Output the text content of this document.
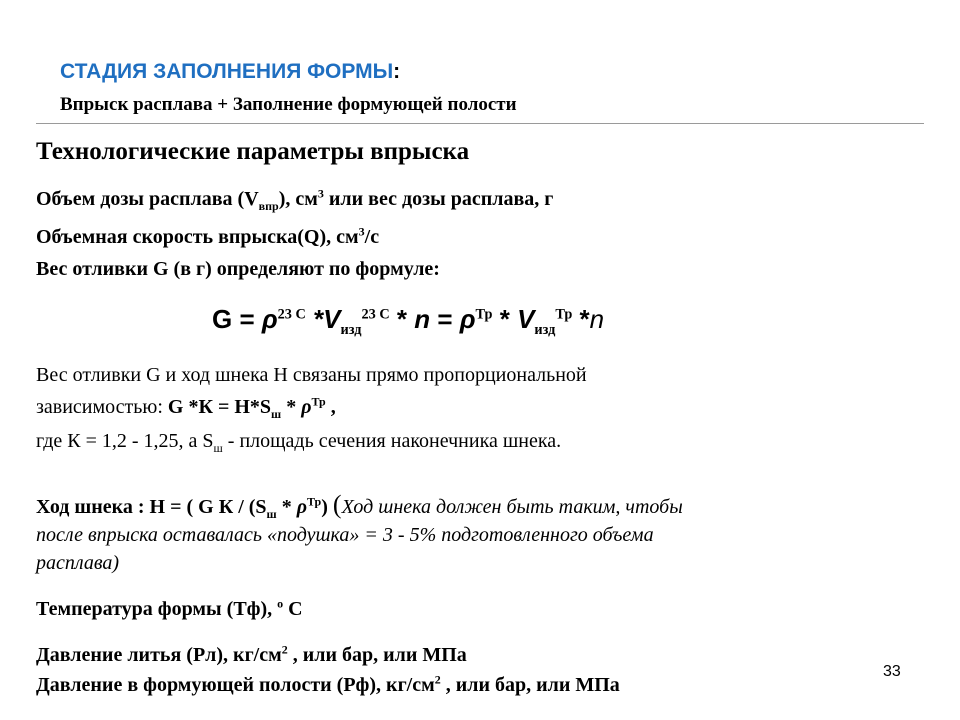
СТАДИЯ ЗАПОЛНЕНИЯ ФОРМЫ:
Впрыск расплава + Заполнение формующей полости
Технологические параметры впрыска
Объем дозы расплава $(V_{впр})$, $см^3$ или вес дозы расплава, г
Объемная скорость впрыска(Q), $см^3/с$
Вес отливки G (в г) определяют по формуле:
$G = \rho^{23 С}$ $*V_{изд}^{23 С} * n = \rho^{Тр} * V_{изд}^{Тр}$ *n
Вес отливки G и ход шнека H связаны прямо пропорциональной
зависимостью: G $*К = H*S_ш * \rho^{Тр}$ ,
где К = 1,2 - 1,25, а $S_ш$ - площадь сечения наконечника шнека.
Ход шнека : H = ( G К / $(S_ш * \rho^{Тр})$ (Ход шнека должен быть таким, чтобы
после впрыска оставалась «подушка» = 3 - 5% подготовленного объема
расплава)
Температура формы (Тф), $^о$ С
Давление литья (Рл), $кг/см^2$ , или бар, или МПа
Давление в формующей полости (Рф), $кг/см^2$ , или бар, или МПа
33
